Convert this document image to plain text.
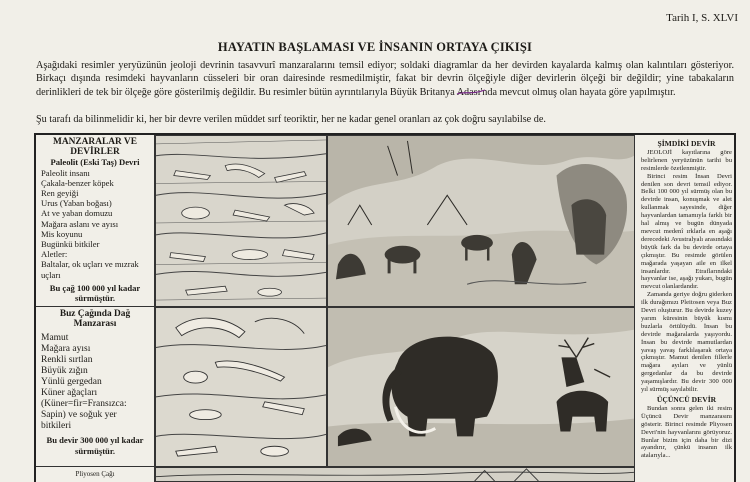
Tarih I, S. XLVI
HAYATIN BAŞLAMASI VE İNSANIN ORTAYA ÇIKIŞI
Aşağıdaki resimler yeryüzünün jeoloji devrinin tasavvurî manzaralarını temsil ediyor; soldaki diagramlar da her devirden kayalarda kalmış olan kalıntıları gösteriyor. Birkaçı dışında resimdeki hayvanların cüsseleri bir oran dairesinde resmedilmiştir, fakat bir devrin ölçeğiyle diğer devirlerin ölçeği bir değildir; yine tabakaların derinlikleri de tek bir ölçeğe göre gösterilmiş değildir. Bu resimler bütün ayrıntılarıyla Büyük Britanya Adası'nda mevcut olmuş olan hayata göre yapılmıştır.
Şu tarafı da bilinmelidir ki, her bir devre verilen müddet sırf teoriktir, her ne kadar genel oranları az çok doğru sayılabilse de.
MANZARALAR VE DEVİRLER
Paleolit (Eski Taş) Devri
Paleolit insanı
Çakala-benzer köpek
Ren geyiği
Urus (Yaban boğası)
At ve yaban domuzu
Mağara aslanı ve ayısı
Mis koyunu
Bugünkü bitkiler
Aletler:
Baltalar, ok uçları ve mızrak uçları
Bu çağ 100 000 yıl kadar sürmüştür.
Buz Çağında Dağ Manzarası
Mamut
Mağara ayısı
Renkli sırtlan
Büyük zığın
Yünlü gergedan
Küner ağaçları (Küner=fir=Fransızca: Sapin) ve soğuk yer bitkileri
Bu devir 300 000 yıl kadar sürmüştür.
Pliyosen Çağı
ŞİMDİKİ DEVİR

JEOLOJİ kayıtlarına göre belirlenen yeryüzünün tarihi bu resimlerde özetlenmiştir.

Birinci resim İnsan Devri denilen son devri temsil ediyor. Belki 100 000 yıl sürmüş olan bu devirde insan, konuşmak ve alet kullanmak sayesinde, diğer hayvanlardan tamamıyla farklı bir hal almış ve bugün dünyada mevcut medenî ırklarla en aşağı derecedeki Avustralyalı arasındaki büyük fark da bu devirde ortaya çıkmıştır. Bu resimde görülen mağarada yaşayan aile en ilkel insanlardır. Etraflarındaki hayvanlar ise, aşağı yukarı, bugün mevcut olanlardandır.

Zamanda geriye doğru giderken ilk durağımızı Pleitosen veya Buz Devri oluşturur. Bu devirde kuzey yarım küresinin büyük kısmı buzlarla örtülüydü. İnsan bu devirde mağaralarda yaşıyordu. İnsan bu devirde mamutlardan yavaş yavaş farklılaşarak ortaya çıkmıştır. Mamut denilen fillerle mağara ayıları ve yünlü gergedanlar da bu devirde yaşamışlardır. Bu devir 300 000 yıl sürmüş sayılabilir.

ÜÇÜNCÜ DEVİR

Bundan sonra gelen iki resim Üçüncü Devir manzarasını gösterir. Birinci resimde Pliyosen Devri'nin hayvanlarını görüyoruz. Bunlar bizim için daha bir dizi ayandırır, çünkü insanın ilk atalarıyla...
